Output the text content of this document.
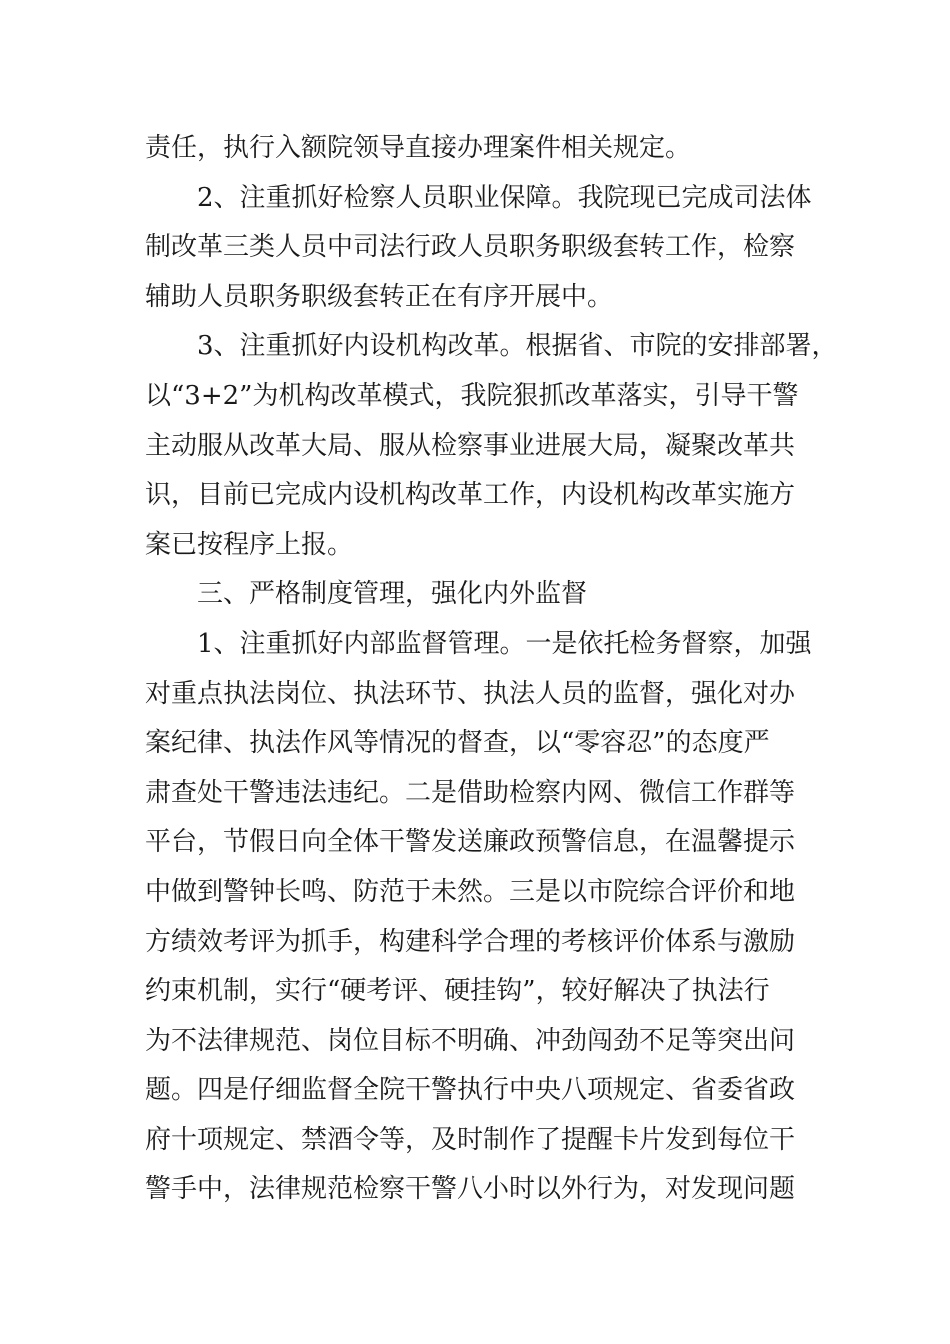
责任，执行入额院领导直接办理案件相关规定。
2、注重抓好检察人员职业保障。我院现已完成司法体
制改革三类人员中司法行政人员职务职级套转工作，检察
辅助人员职务职级套转正在有序开展中。
3、注重抓好内设机构改革。根据省、市院的安排部署，
以“3+2”为机构改革模式，我院狠抓改革落实，引导干警
主动服从改革大局、服从检察事业进展大局，凝聚改革共
识，目前已完成内设机构改革工作，内设机构改革实施方
案已按程序上报。
三、严格制度管理，强化内外监督
1、注重抓好内部监督管理。一是依托检务督察，加强
对重点执法岗位、执法环节、执法人员的监督，强化对办
案纪律、执法作风等情况的督查，以“零容忍”的态度严
肃查处干警违法违纪。二是借助检察内网、微信工作群等
平台，节假日向全体干警发送廉政预警信息，在温馨提示
中做到警钟长鸣、防范于未然。三是以市院综合评价和地
方绩效考评为抓手，构建科学合理的考核评价体系与激励
约束机制，实行“硬考评、硬挂钩”，较好解决了执法行
为不法律规范、岗位目标不明确、冲劲闯劲不足等突出问
题。四是仔细监督全院干警执行中央八项规定、省委省政
府十项规定、禁酒令等，及时制作了提醒卡片发到每位干
警手中，法律规范检察干警八小时以外行为，对发现问题
